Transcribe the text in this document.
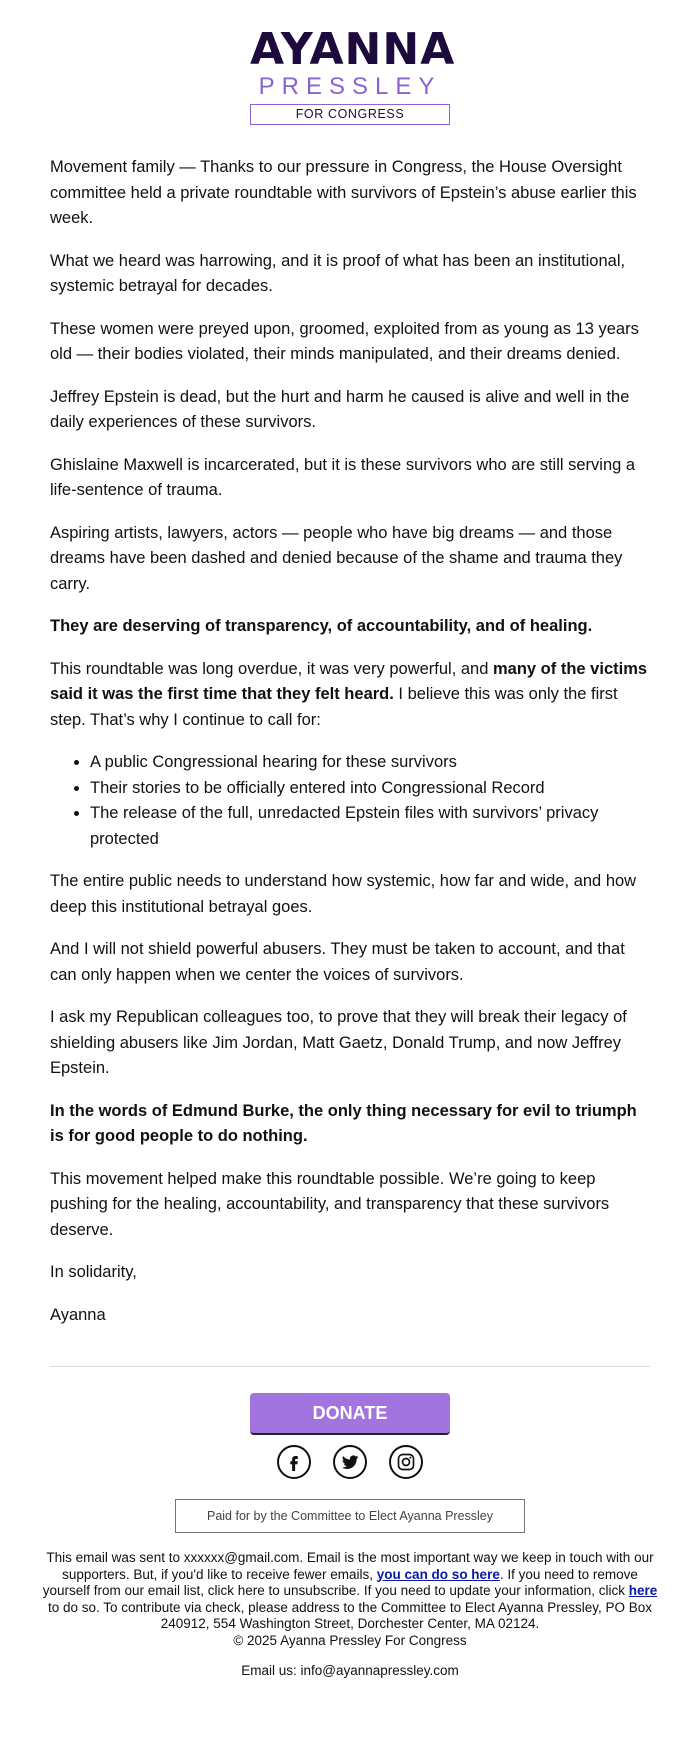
AYANNA
PRESSLEY
FOR CONGRESS

Movement family — Thanks to our pressure in Congress, the House Oversight committee held a private roundtable with survivors of Epstein’s abuse earlier this week.

What we heard was harrowing, and it is proof of what has been an institutional, systemic betrayal for decades.

These women were preyed upon, groomed, exploited from as young as 13 years old — their bodies violated, their minds manipulated, and their dreams denied.

Jeffrey Epstein is dead, but the hurt and harm he caused is alive and well in the daily experiences of these survivors.

Ghislaine Maxwell is incarcerated, but it is these survivors who are still serving a life-sentence of trauma.

Aspiring artists, lawyers, actors — people who have big dreams — and those dreams have been dashed and denied because of the shame and trauma they carry.

They are deserving of transparency, of accountability, and of healing.

This roundtable was long overdue, it was very powerful, and many of the victims said it was the first time that they felt heard. I believe this was only the first step. That’s why I continue to call for:

• A public Congressional hearing for these survivors
• Their stories to be officially entered into Congressional Record
• The release of the full, unredacted Epstein files with survivors’ privacy protected

The entire public needs to understand how systemic, how far and wide, and how deep this institutional betrayal goes.

And I will not shield powerful abusers. They must be taken to account, and that can only happen when we center the voices of survivors.

I ask my Republican colleagues too, to prove that they will break their legacy of shielding abusers like Jim Jordan, Matt Gaetz, Donald Trump, and now Jeffrey Epstein.

In the words of Edmund Burke, the only thing necessary for evil to triumph is for good people to do nothing.

This movement helped make this roundtable possible. We’re going to keep pushing for the healing, accountability, and transparency that these survivors deserve.

In solidarity,

Ayanna

DONATE
Paid for by the Committee to Elect Ayanna Pressley
This email was sent to xxxxxx@gmail.com. Email is the most important way we keep in touch with our supporters. But, if you'd like to receive fewer emails, you can do so here. If you need to remove yourself from our email list, click here to unsubscribe. If you need to update your information, click here to do so. To contribute via check, please address to the Committee to Elect Ayanna Pressley, PO Box 240912, 554 Washington Street, Dorchester Center, MA 02124.
© 2025 Ayanna Pressley For Congress
Email us: info@ayannapressley.com
